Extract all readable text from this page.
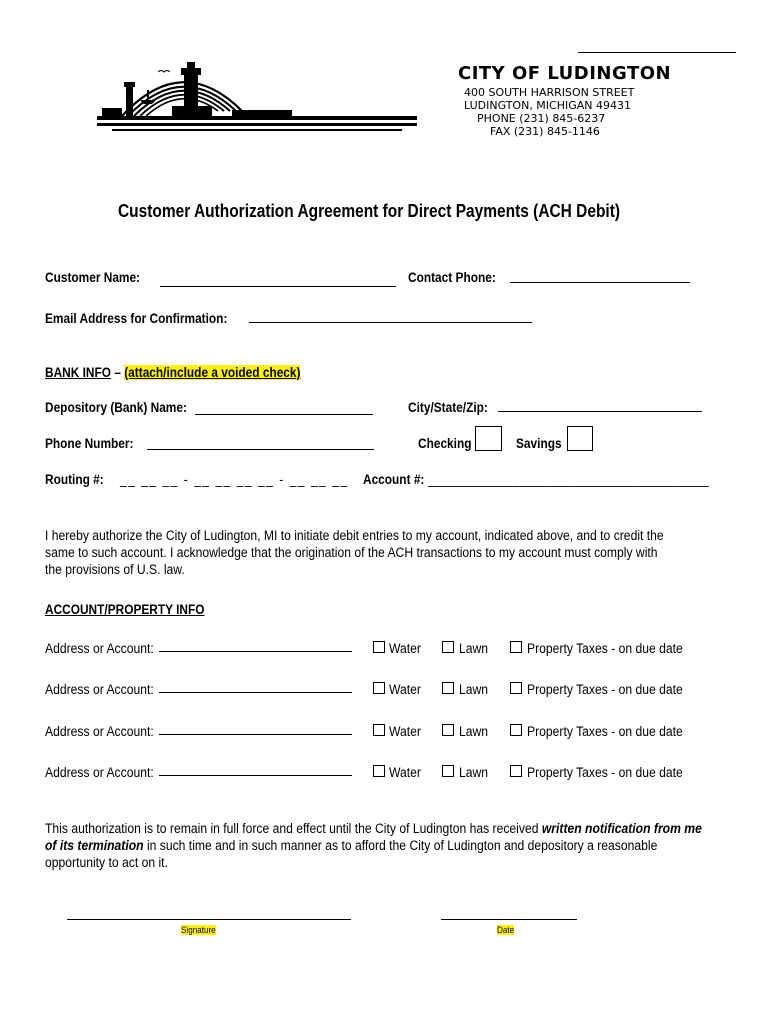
CITY OF LUDINGTON
400 SOUTH HARRISON STREET
LUDINGTON, MICHIGAN 49431
PHONE (231) 845-6237
FAX (231) 845-1146
Customer Authorization Agreement for Direct Payments (ACH Debit)
Customer Name:	Contact Phone:
Email Address for Confirmation:
BANK INFO – (attach/include a voided check)
Depository (Bank) Name:	City/State/Zip:
Phone Number:	Checking	Savings
Routing #: __ __ __ - __ __ __ __ - __ __ __ Account #: ________________________________________

I hereby authorize the City of Ludington, MI to initiate debit entries to my account, indicated above, and to credit the same to such account. I acknowledge that the origination of the ACH transactions to my account must comply with the provisions of U.S. law.

ACCOUNT/PROPERTY INFO
Address or Account:	Water	Lawn	Property Taxes - on due date
Address or Account:	Water	Lawn	Property Taxes - on due date
Address or Account:	Water	Lawn	Property Taxes - on due date
Address or Account:	Water	Lawn	Property Taxes - on due date

This authorization is to remain in full force and effect until the City of Ludington has received written notification from me of its termination in such time and in such manner as to afford the City of Ludington and depository a reasonable opportunity to act on it.

Signature	Date
